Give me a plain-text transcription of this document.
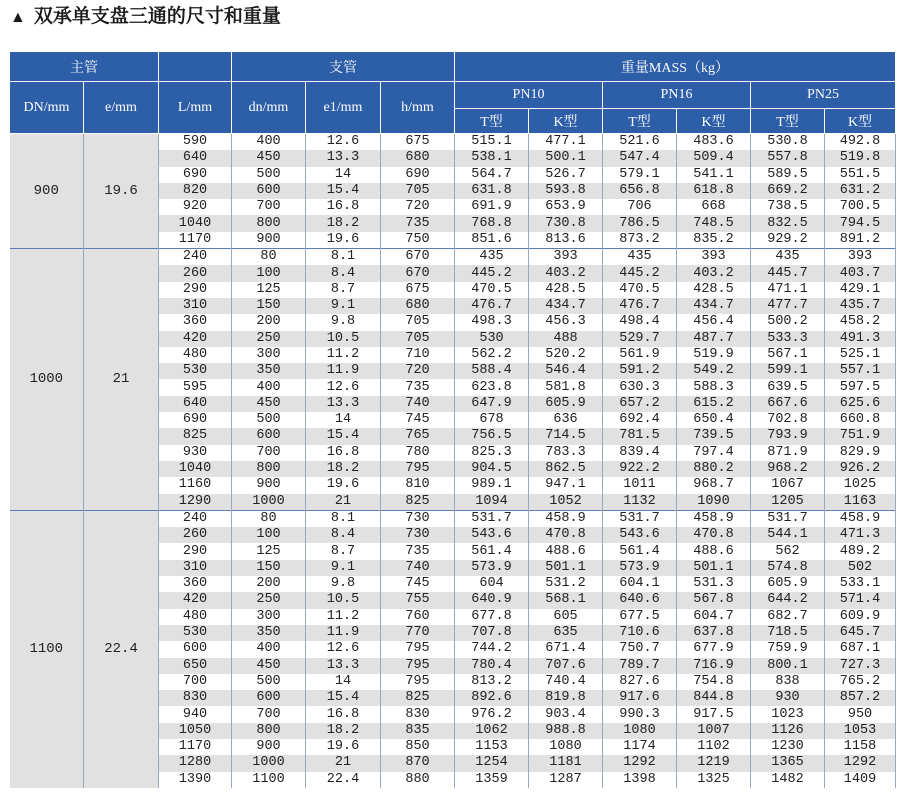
▲ 双承单支盘三通的尺寸和重量
主管			支管			重量MASS（kg）					
DN/mm	e/mm	L/mm	dn/mm	e1/mm	h/mm	PN10		PN16		PN25	
						T型	K型	T型	K型	T型	K型
900	19.6	590	400	12.6	675	515.1	477.1	521.6	483.6	530.8	492.8
		640	450	13.3	680	538.1	500.1	547.4	509.4	557.8	519.8
		690	500	14	690	564.7	526.7	579.1	541.1	589.5	551.5
		820	600	15.4	705	631.8	593.8	656.8	618.8	669.2	631.2
		920	700	16.8	720	691.9	653.9	706	668	738.5	700.5
		1040	800	18.2	735	768.8	730.8	786.5	748.5	832.5	794.5
		1170	900	19.6	750	851.6	813.6	873.2	835.2	929.2	891.2
1000	21	240	80	8.1	670	435	393	435	393	435	393
		260	100	8.4	670	445.2	403.2	445.2	403.2	445.7	403.7
		290	125	8.7	675	470.5	428.5	470.5	428.5	471.1	429.1
		310	150	9.1	680	476.7	434.7	476.7	434.7	477.7	435.7
		360	200	9.8	705	498.3	456.3	498.4	456.4	500.2	458.2
		420	250	10.5	705	530	488	529.7	487.7	533.3	491.3
		480	300	11.2	710	562.2	520.2	561.9	519.9	567.1	525.1
		530	350	11.9	720	588.4	546.4	591.2	549.2	599.1	557.1
		595	400	12.6	735	623.8	581.8	630.3	588.3	639.5	597.5
		640	450	13.3	740	647.9	605.9	657.2	615.2	667.6	625.6
		690	500	14	745	678	636	692.4	650.4	702.8	660.8
		825	600	15.4	765	756.5	714.5	781.5	739.5	793.9	751.9
		930	700	16.8	780	825.3	783.3	839.4	797.4	871.9	829.9
		1040	800	18.2	795	904.5	862.5	922.2	880.2	968.2	926.2
		1160	900	19.6	810	989.1	947.1	1011	968.7	1067	1025
		1290	1000	21	825	1094	1052	1132	1090	1205	1163
1100	22.4	240	80	8.1	730	531.7	458.9	531.7	458.9	531.7	458.9
		260	100	8.4	730	543.6	470.8	543.6	470.8	544.1	471.3
		290	125	8.7	735	561.4	488.6	561.4	488.6	562	489.2
		310	150	9.1	740	573.9	501.1	573.9	501.1	574.8	502
		360	200	9.8	745	604	531.2	604.1	531.3	605.9	533.1
		420	250	10.5	755	640.9	568.1	640.6	567.8	644.2	571.4
		480	300	11.2	760	677.8	605	677.5	604.7	682.7	609.9
		530	350	11.9	770	707.8	635	710.6	637.8	718.5	645.7
		600	400	12.6	795	744.2	671.4	750.7	677.9	759.9	687.1
		650	450	13.3	795	780.4	707.6	789.7	716.9	800.1	727.3
		700	500	14	795	813.2	740.4	827.6	754.8	838	765.2
		830	600	15.4	825	892.6	819.8	917.6	844.8	930	857.2
		940	700	16.8	830	976.2	903.4	990.3	917.5	1023	950
		1050	800	18.2	835	1062	988.8	1080	1007	1126	1053
		1170	900	19.6	850	1153	1080	1174	1102	1230	1158
		1280	1000	21	870	1254	1181	1292	1219	1365	1292
		1390	1100	22.4	880	1359	1287	1398	1325	1482	1409
